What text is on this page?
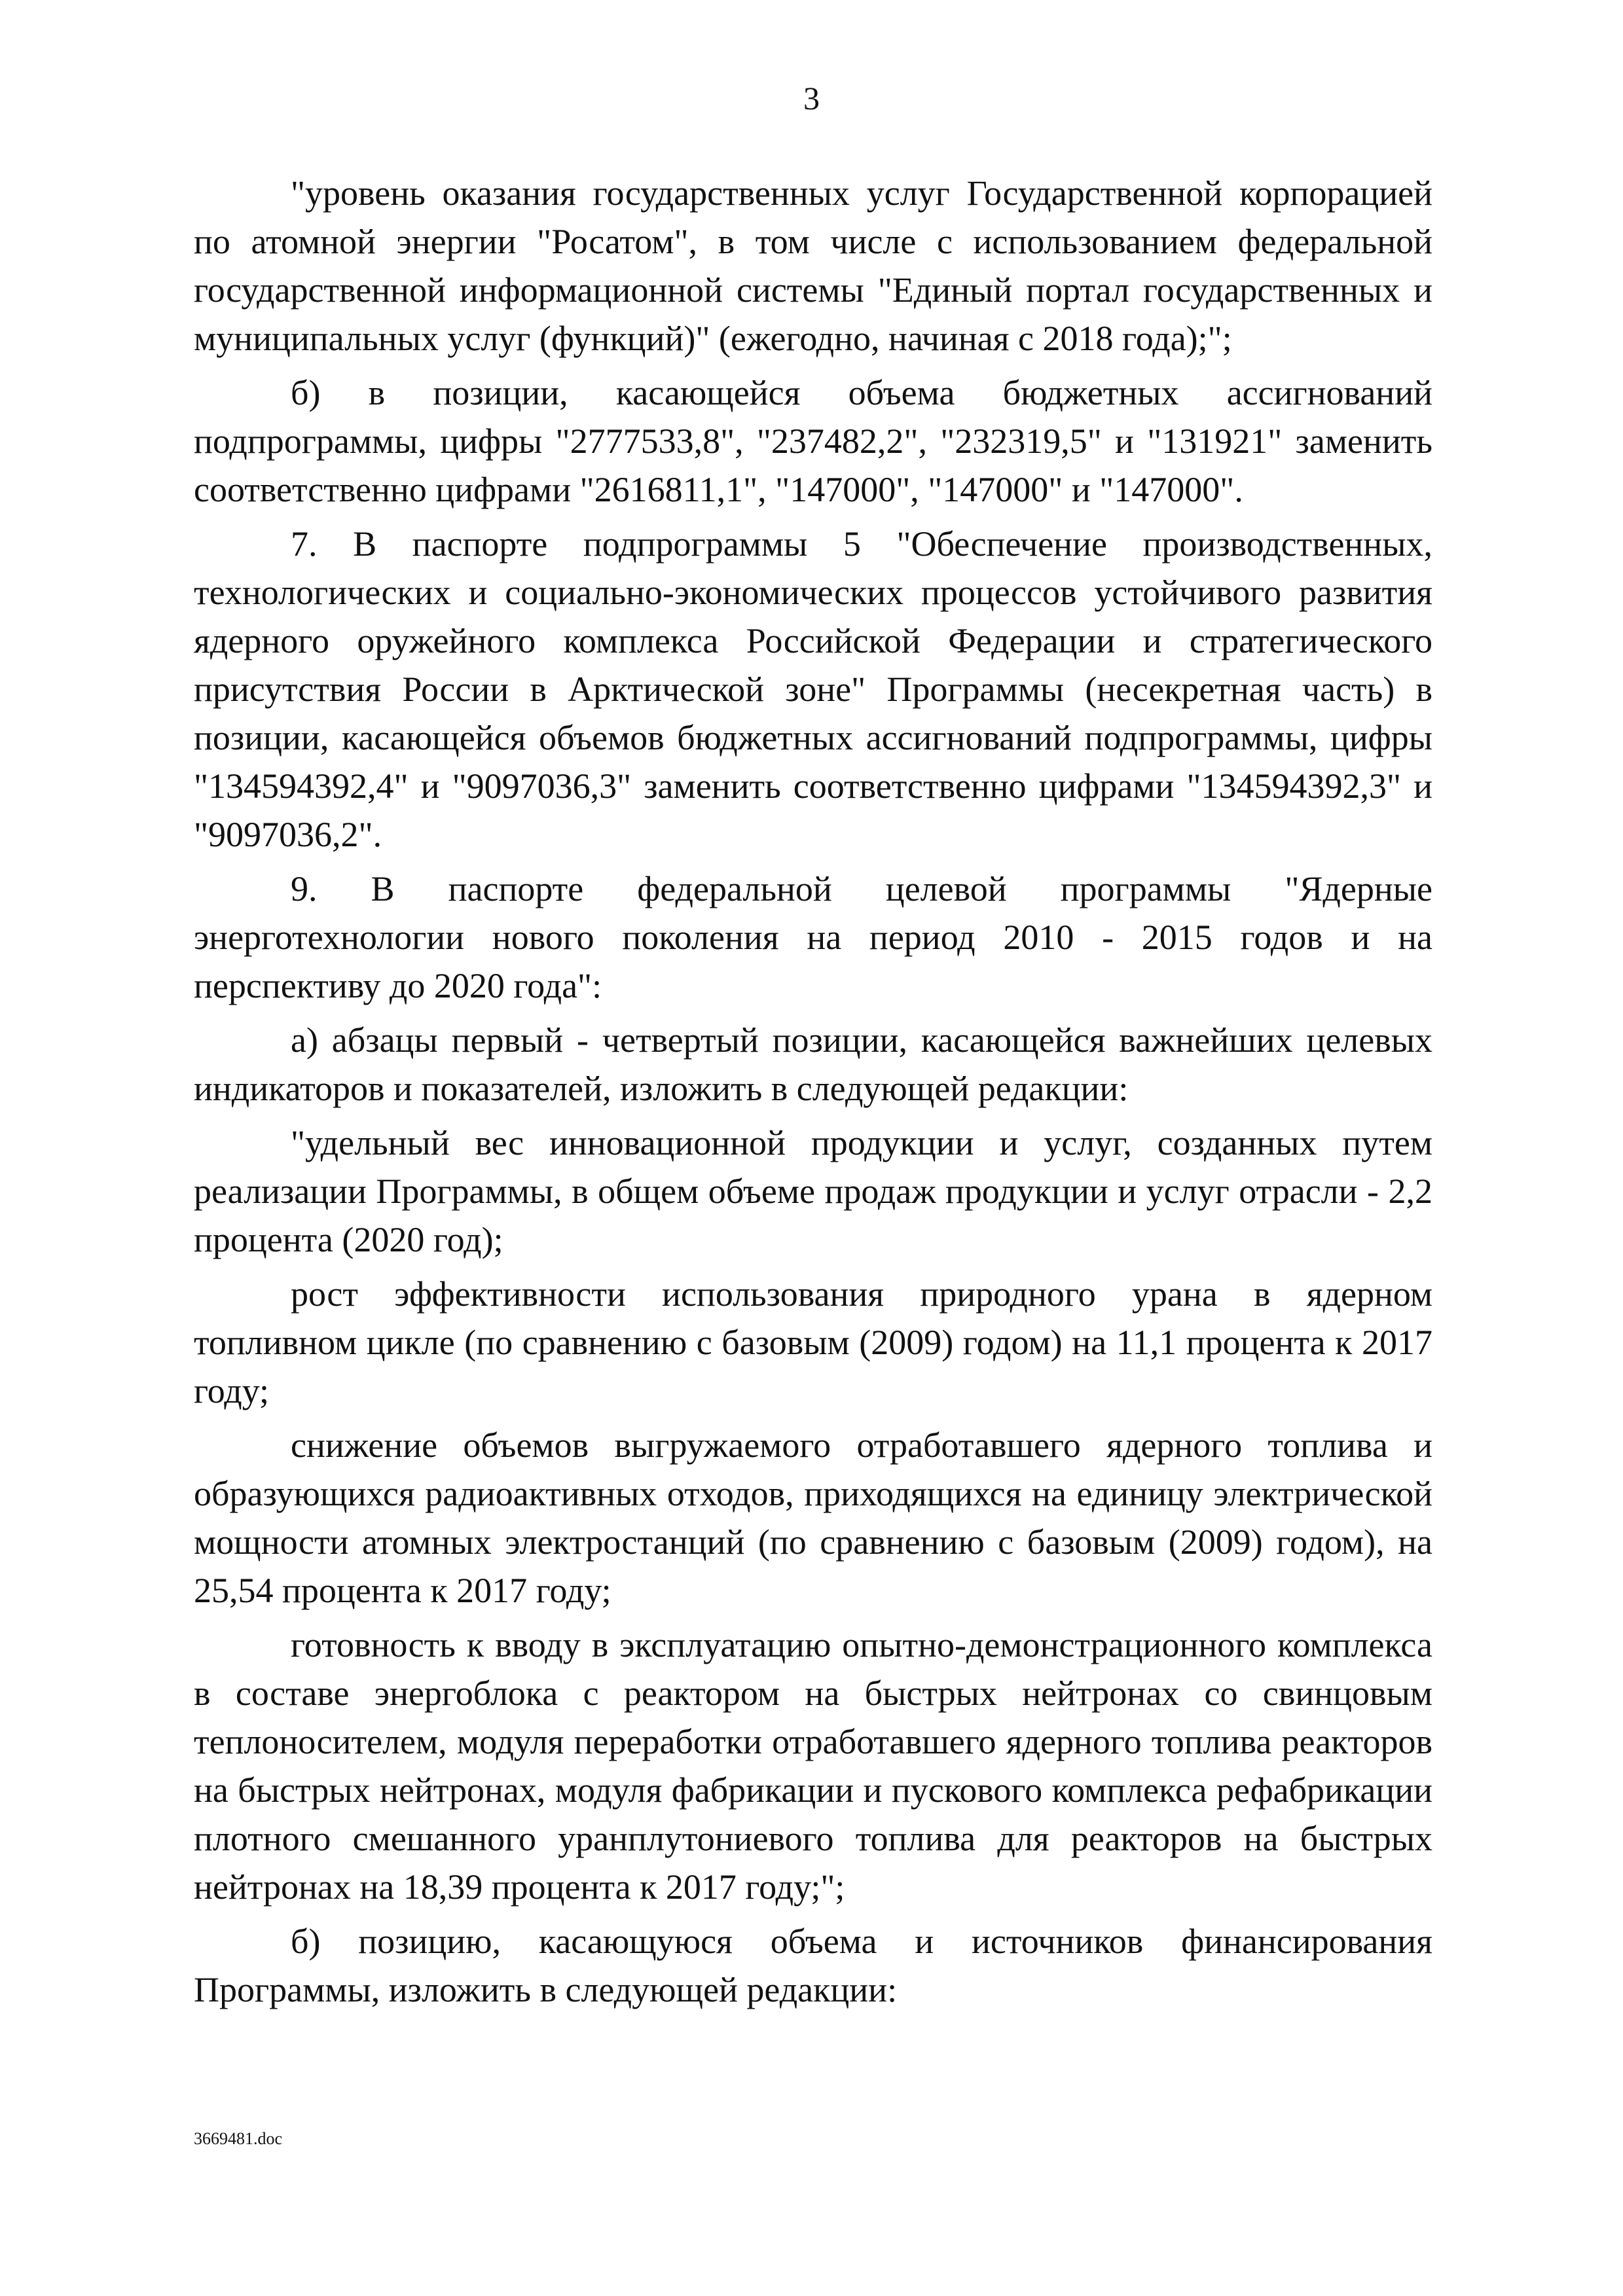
3

"уровень оказания государственных услуг Государственной корпорацией по атомной энергии "Росатом", в том числе с использованием федеральной государственной информационной системы "Единый портал государственных и муниципальных услуг (функций)" (ежегодно, начиная с 2018 года);";

б) в позиции, касающейся объема бюджетных ассигнований подпрограммы, цифры "2777533,8", "237482,2", "232319,5" и "131921" заменить соответственно цифрами "2616811,1", "147000", "147000" и "147000".

7. В паспорте подпрограммы 5 "Обеспечение производственных, технологических и социально-экономических процессов устойчивого развития ядерного оружейного комплекса Российской Федерации и стратегического присутствия России в Арктической зоне" Программы (несекретная часть) в позиции, касающейся объемов бюджетных ассигнований подпрограммы, цифры "134594392,4" и "9097036,3" заменить соответственно цифрами "134594392,3" и "9097036,2".

9. В паспорте федеральной целевой программы "Ядерные энерготехнологии нового поколения на период 2010 - 2015 годов и на перспективу до 2020 года":

а) абзацы первый - четвертый позиции, касающейся важнейших целевых индикаторов и показателей, изложить в следующей редакции:

"удельный вес инновационной продукции и услуг, созданных путем реализации Программы, в общем объеме продаж продукции и услуг отрасли - 2,2 процента (2020 год);

рост эффективности использования природного урана в ядерном топливном цикле (по сравнению с базовым (2009) годом) на 11,1 процента к 2017 году;

снижение объемов выгружаемого отработавшего ядерного топлива и образующихся радиоактивных отходов, приходящихся на единицу электрической мощности атомных электростанций (по сравнению с базовым (2009) годом), на 25,54 процента к 2017 году;

готовность к вводу в эксплуатацию опытно-демонстрационного комплекса в составе энергоблока с реактором на быстрых нейтронах со свинцовым теплоносителем, модуля переработки отработавшего ядерного топлива реакторов на быстрых нейтронах, модуля фабрикации и пускового комплекса рефабрикации плотного смешанного уранплутониевого топлива для реакторов на быстрых нейтронах на 18,39 процента к 2017 году;";

б) позицию, касающуюся объема и источников финансирования Программы, изложить в следующей редакции:

3669481.doc
